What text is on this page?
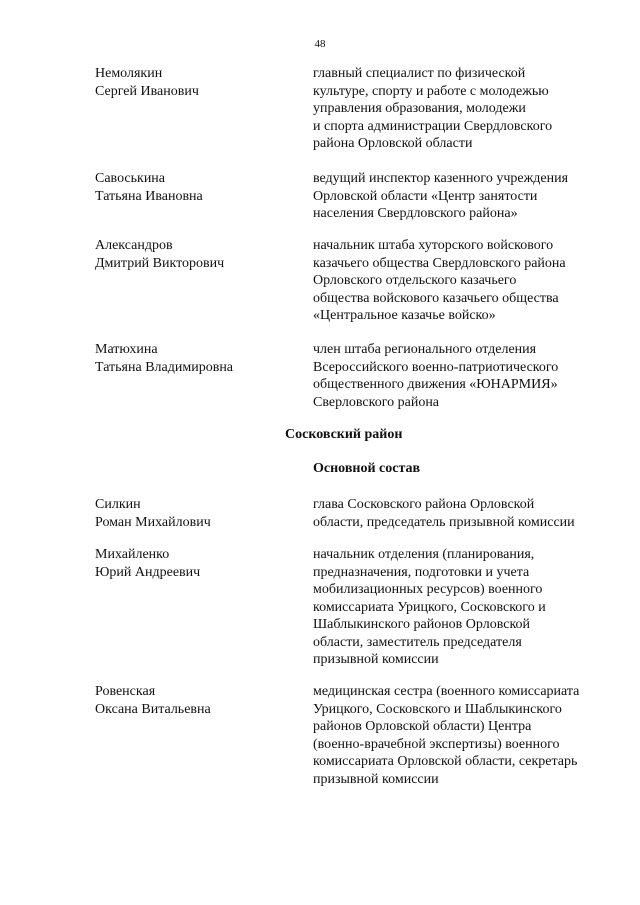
48
Немолякин
Сергей Иванович
главный специалист по физической
культуре, спорту и работе с молодежью
управления образования, молодежи
и спорта администрации Свердловского
района Орловской области
Савоськина
Татьяна Ивановна
ведущий инспектор казенного учреждения
Орловской области «Центр занятости
населения Свердловского района»
Александров
Дмитрий Викторович
начальник штаба хуторского войскового
казачьего общества Свердловского района
Орловского отдельского казачьего
общества войскового казачьего общества
«Центральное казачье войско»
Матюхина
Татьяна Владимировна
член штаба регионального отделения
Всероссийского военно-патриотического
общественного движения «ЮНАРМИЯ»
Сверловского района
Сосковский район
Основной состав
Силкин
Роман Михайлович
глава Сосковского района Орловской
области, председатель призывной комиссии
Михайленко
Юрий Андреевич
начальник отделения (планирования,
предназначения, подготовки и учета
мобилизационных ресурсов) военного
комиссариата Урицкого, Сосковского и
Шаблыкинского районов Орловской
области, заместитель председателя
призывной комиссии
Ровенская
Оксана Витальевна
медицинская сестра (военного комиссариата
Урицкого, Сосковского и Шаблыкинского
районов Орловской области) Центра
(военно-врачебной экспертизы) военного
комиссариата Орловской области, секретарь
призывной комиссии
